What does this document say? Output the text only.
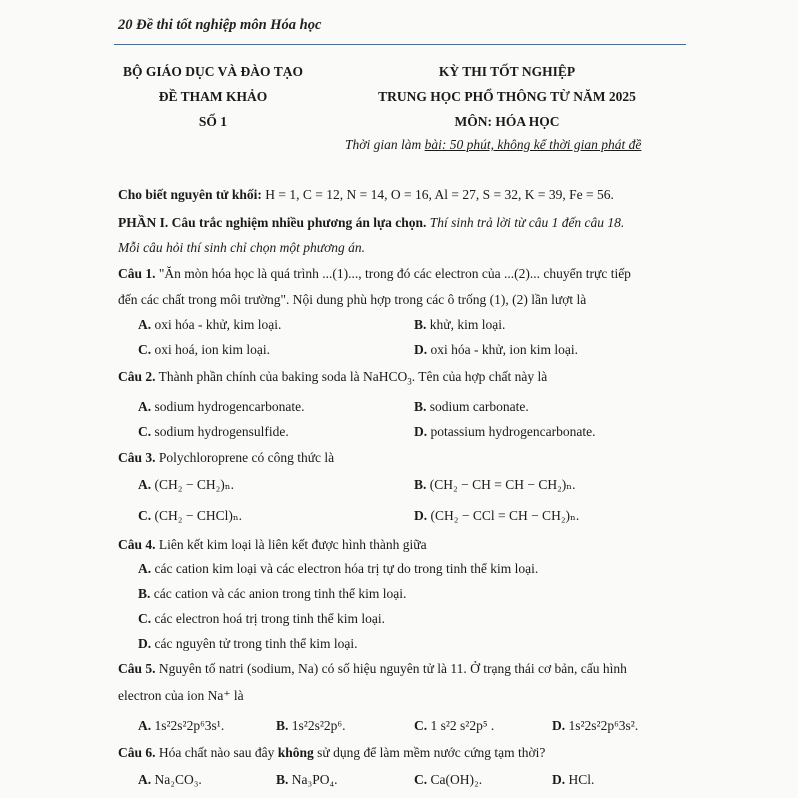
20 Đề thi tốt nghiệp môn Hóa học
BỘ GIÁO DỤC VÀ ĐÀO TẠO
ĐỀ THAM KHẢO
SỐ 1
KỲ THI TỐT NGHIỆP
TRUNG HỌC PHỔ THÔNG TỪ NĂM 2025
MÔN: HÓA HỌC
Thời gian làm bài: 50 phút, không kể thời gian phát đề
Cho biết nguyên tử khối: H = 1, C = 12, N = 14, O = 16, Al = 27, S = 32, K = 39, Fe = 56.
PHẦN I. Câu trắc nghiệm nhiều phương án lựa chọn. Thí sinh trả lời từ câu 1 đến câu 18.
Mỗi câu hỏi thí sinh chỉ chọn một phương án.
Câu 1. "Ăn mòn hóa học là quá trình ...(1)..., trong đó các electron của ...(2)... chuyển trực tiếp
đến các chất trong môi trường". Nội dung phù hợp trong các ô trống (1), (2) lần lượt là
A. oxi hóa - khử, kim loại.	B. khử, kim loại.
C. oxi hoá, ion kim loại.	D. oxi hóa - khử, ion kim loại.
Câu 2. Thành phần chính của baking soda là NaHCO$_3$. Tên của hợp chất này là
A. sodium hydrogencarbonate.	B. sodium carbonate.
C. sodium hydrogensulfide.	D. potassium hydrogencarbonate.
Câu 3. Polychloroprene có công thức là
A. (CH₂ − CH₂)ₙ.	B. (CH₂ − CH = CH − CH₂)ₙ.
C. (CH₂ − CHCl)ₙ.	D. (CH₂ − CCl = CH − CH₂)ₙ.
Câu 4. Liên kết kim loại là liên kết được hình thành giữa
A. các cation kim loại và các electron hóa trị tự do trong tinh thể kim loại.
B. các cation và các anion trong tinh thể kim loại.
C. các electron hoá trị trong tinh thể kim loại.
D. các nguyên tử trong tinh thể kim loại.
Câu 5. Nguyên tố natri (sodium, Na) có số hiệu nguyên tử là 11. Ở trạng thái cơ bản, cấu hình
electron của ion Na⁺ là
A. 1s²2s²2p⁶3s¹.	B. 1s²2s²2p⁶.	C. 1 s²2 s²2p⁵ .	D. 1s²2s²2p⁶3s².
Câu 6. Hóa chất nào sau đây không sử dụng để làm mềm nước cứng tạm thời?
A. Na₂CO₃.	B. Na₃PO₄.	C. Ca(OH)₂.	D. HCl.
